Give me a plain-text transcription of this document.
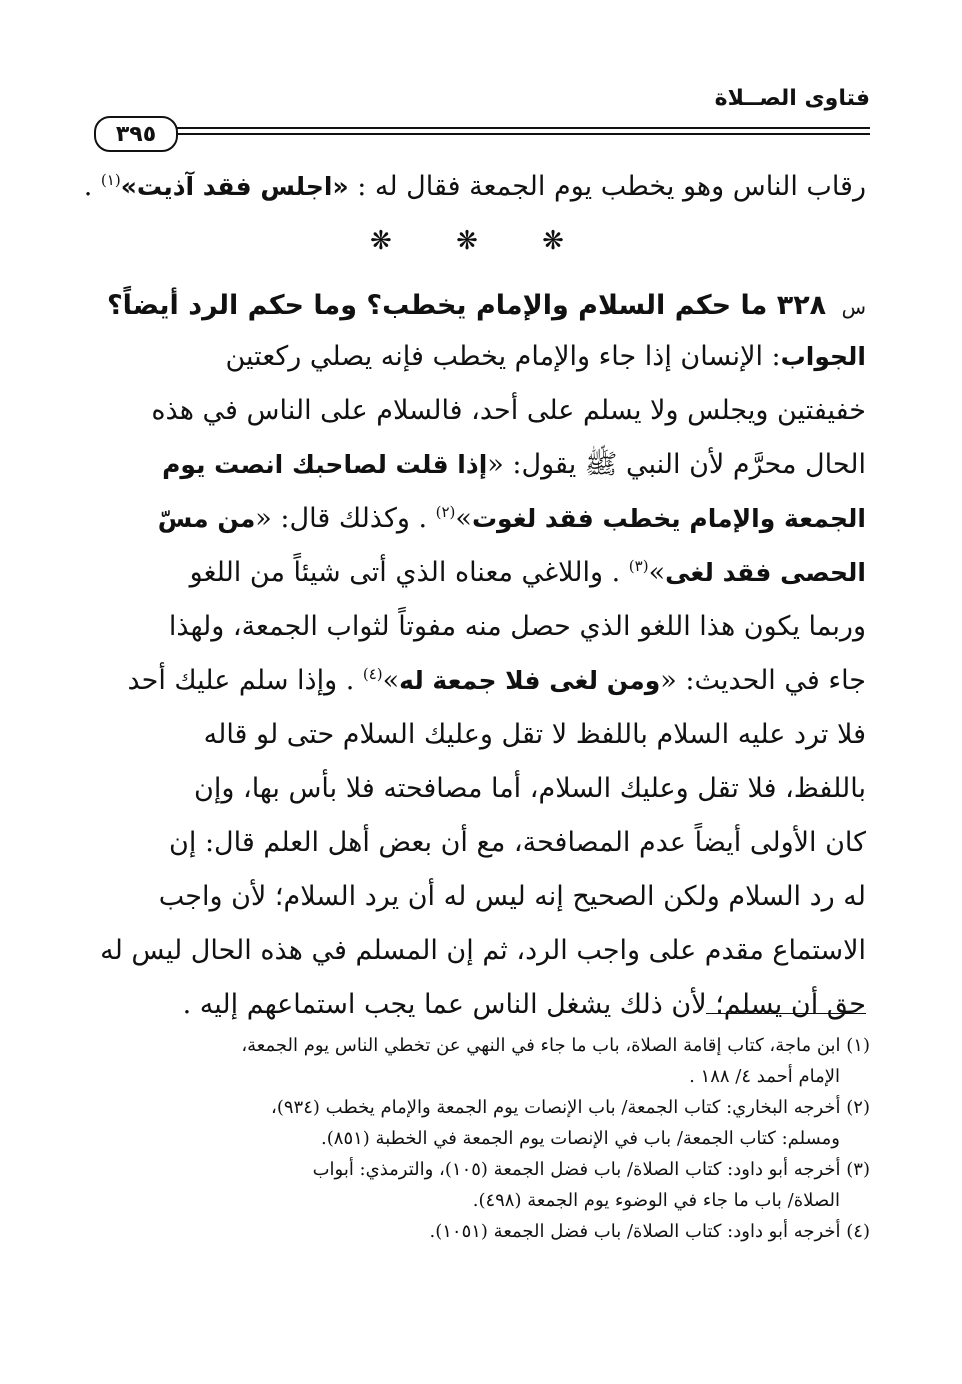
فتاوى الصــلاة
٣٩٥
رقاب الناس وهو يخطب يوم الجمعة فقال له : «اجلس فقد آذيت»$^{(١)}$ .
❋ ❋ ❋
س ٣٢٨ ما حكم السلام والإمام يخطب؟ وما حكم الرد أيضاً؟
الجواب: الإنسان إذا جاء والإمام يخطب فإنه يصلي ركعتين
خفيفتين ويجلس ولا يسلم على أحد، فالسلام على الناس في هذه
الحال محرَّم لأن النبي ﷺ يقول: «إذا قلت لصاحبك انصت يوم
الجمعة والإمام يخطب فقد لغوت»$^{(٢)}$ . وكذلك قال: «من مسّ
الحصى فقد لغى»$^{(٣)}$ . واللاغي معناه الذي أتى شيئاً من اللغو
وربما يكون هذا اللغو الذي حصل منه مفوتاً لثواب الجمعة، ولهذا
جاء في الحديث: «ومن لغى فلا جمعة له»$^{(٤)}$ . وإذا سلم عليك أحد
فلا ترد عليه السلام باللفظ لا تقل وعليك السلام حتى لو قاله
باللفظ، فلا تقل وعليك السلام، أما مصافحته فلا بأس بها، وإن
كان الأولى أيضاً عدم المصافحة، مع أن بعض أهل العلم قال: إن
له رد السلام ولكن الصحيح إنه ليس له أن يرد السلام؛ لأن واجب
الاستماع مقدم على واجب الرد، ثم إن المسلم في هذه الحال ليس له
حق أن يسلم؛ لأن ذلك يشغل الناس عما يجب استماعهم إليه .
(١) ابن ماجة، كتاب إقامة الصلاة، باب ما جاء في النهي عن تخطي الناس يوم الجمعة،
الإمام أحمد ٤/ ١٨٨ .
(٢) أخرجه البخاري: كتاب الجمعة/ باب الإنصات يوم الجمعة والإمام يخطب (٩٣٤)،
ومسلم: كتاب الجمعة/ باب في الإنصات يوم الجمعة في الخطبة (٨٥١).
(٣) أخرجه أبو داود: كتاب الصلاة/ باب فضل الجمعة (١٠٥)، والترمذي: أبواب
الصلاة/ باب ما جاء في الوضوء يوم الجمعة (٤٩٨).
(٤) أخرجه أبو داود: كتاب الصلاة/ باب فضل الجمعة (١٠٥١).
